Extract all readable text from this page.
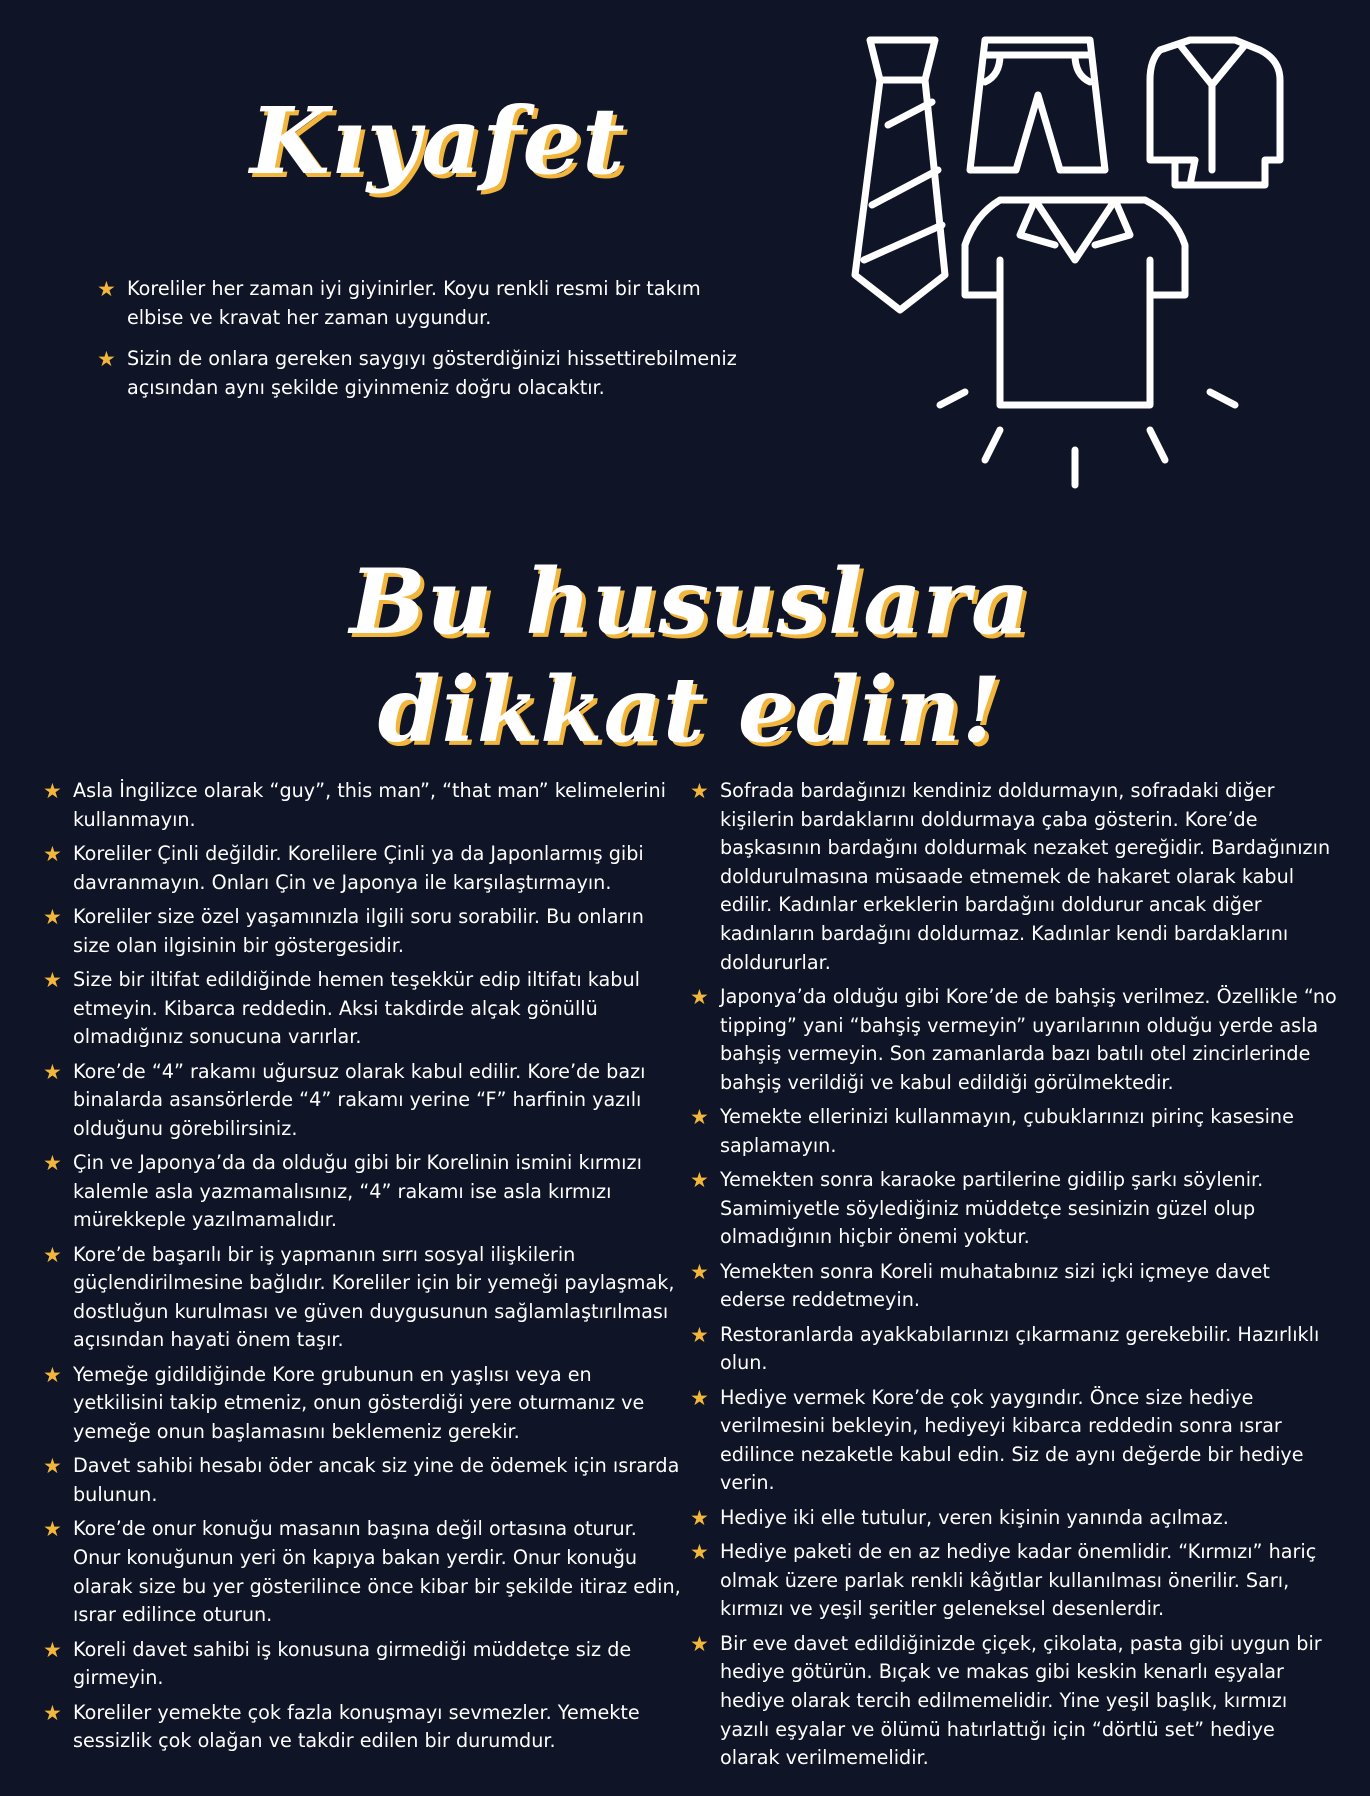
Kıyafet
★ Koreliler her zaman iyi giyinirler. Koyu renkli resmi bir takım elbise ve kravat her zaman uygundur.
★ Sizin de onlara gereken saygıyı gösterdiğinizi hissettirebilmeniz açısından aynı şekilde giyinmeniz doğru olacaktır.
Bu hususlara
dikkat edin!
★ Asla İngilizce olarak “guy”, this man”, “that man” kelimelerini kullanmayın.
★ Koreliler Çinli değildir. Korelilere Çinli ya da Japonlarmış gibi davranmayın. Onları Çin ve Japonya ile karşılaştırmayın.
★ Koreliler size özel yaşamınızla ilgili soru sorabilir. Bu onların size olan ilgisinin bir göstergesidir.
★ Size bir iltifat edildiğinde hemen teşekkür edip iltifatı kabul etmeyin. Kibarca reddedin. Aksi takdirde alçak gönüllü olmadığınız sonucuna varırlar.
★ Kore’de “4” rakamı uğursuz olarak kabul edilir. Kore’de bazı binalarda asansörlerde “4” rakamı yerine “F” harfinin yazılı olduğunu görebilirsiniz.
★ Çin ve Japonya’da da olduğu gibi bir Korelinin ismini kırmızı kalemle asla yazmamalısınız, “4” rakamı ise asla kırmızı mürekkeple yazılmamalıdır.
★ Kore’de başarılı bir iş yapmanın sırrı sosyal ilişkilerin güçlendirilmesine bağlıdır. Koreliler için bir yemeği paylaşmak, dostluğun kurulması ve güven duygusunun sağlamlaştırılması açısından hayati önem taşır.
★ Yemeğe gidildiğinde Kore grubunun en yaşlısı veya en yetkilisini takip etmeniz, onun gösterdiği yere oturmanız ve yemeğe onun başlamasını beklemeniz gerekir.
★ Davet sahibi hesabı öder ancak siz yine de ödemek için ısrarda bulunun.
★ Kore’de onur konuğu masanın başına değil ortasına oturur. Onur konuğunun yeri ön kapıya bakan yerdir. Onur konuğu olarak size bu yer gösterilince önce kibar bir şekilde itiraz edin, ısrar edilince oturun.
★ Koreli davet sahibi iş konusuna girmediği müddetçe siz de girmeyin.
★ Koreliler yemekte çok fazla konuşmayı sevmezler. Yemekte sessizlik çok olağan ve takdir edilen bir durumdur.
★ Sofrada bardağınızı kendiniz doldurmayın, sofradaki diğer kişilerin bardaklarını doldurmaya çaba gösterin. Kore’de başkasının bardağını doldurmak nezaket gereğidir. Bardağınızın doldurulmasına müsaade etmemek de hakaret olarak kabul edilir. Kadınlar erkeklerin bardağını doldurur ancak diğer kadınların bardağını doldurmaz. Kadınlar kendi bardaklarını doldururlar.
★ Japonya’da olduğu gibi Kore’de de bahşiş verilmez. Özellikle “no tipping” yani “bahşiş vermeyin” uyarılarının olduğu yerde asla bahşiş vermeyin. Son zamanlarda bazı batılı otel zincirlerinde bahşiş verildiği ve kabul edildiği görülmektedir.
★ Yemekte ellerinizi kullanmayın, çubuklarınızı pirinç kasesine saplamayın.
★ Yemekten sonra karaoke partilerine gidilip şarkı söylenir. Samimiyetle söylediğiniz müddetçe sesinizin güzel olup olmadığının hiçbir önemi yoktur.
★ Yemekten sonra Koreli muhatabınız sizi içki içmeye davet ederse reddetmeyin.
★ Restoranlarda ayakkabılarınızı çıkarmanız gerekebilir. Hazırlıklı olun.
★ Hediye vermek Kore’de çok yaygındır. Önce size hediye verilmesini bekleyin, hediyeyi kibarca reddedin sonra ısrar edilince nezaketle kabul edin. Siz de aynı değerde bir hediye verin.
★ Hediye iki elle tutulur, veren kişinin yanında açılmaz.
★ Hediye paketi de en az hediye kadar önemlidir. “Kırmızı” hariç olmak üzere parlak renkli kâğıtlar kullanılması önerilir. Sarı, kırmızı ve yeşil şeritler geleneksel desenlerdir.
★ Bir eve davet edildiğinizde çiçek, çikolata, pasta gibi uygun bir hediye götürün. Bıçak ve makas gibi keskin kenarlı eşyalar hediye olarak tercih edilmemelidir. Yine yeşil başlık, kırmızı yazılı eşyalar ve ölümü hatırlattığı için “dörtlü set” hediye olarak verilmemelidir.
